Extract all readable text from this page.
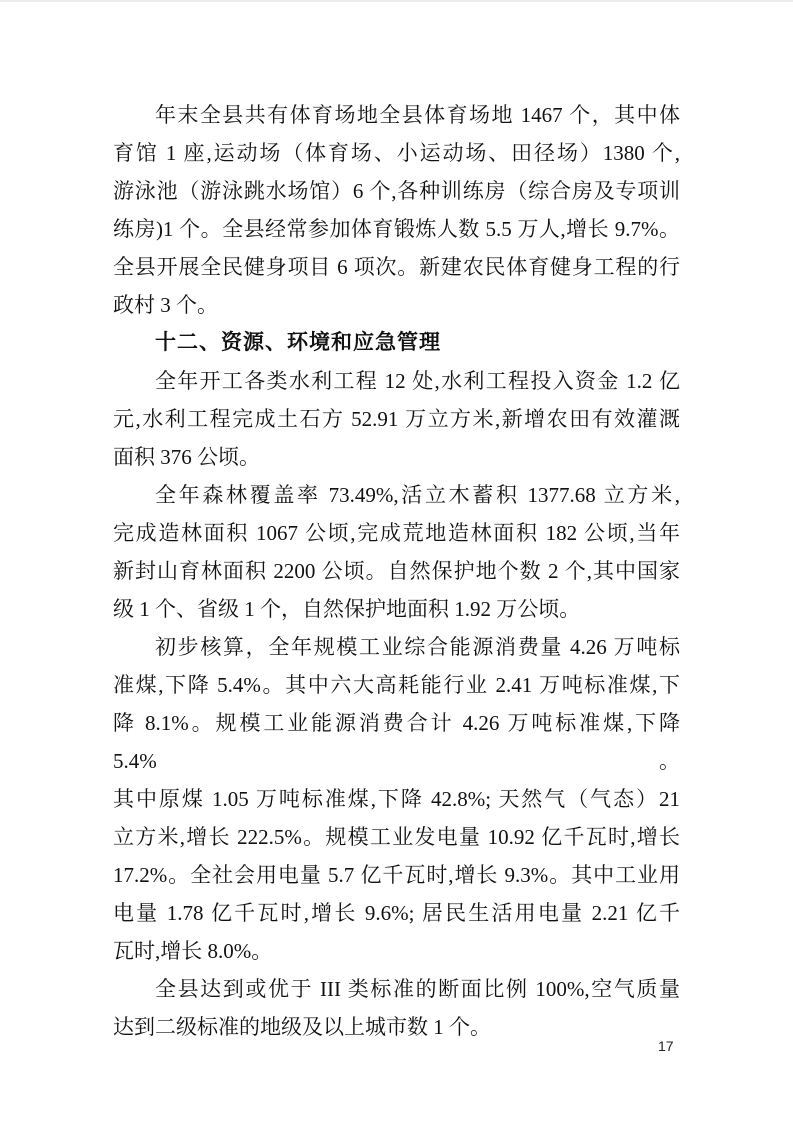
年末全县共有体育场地全县体育场地 1467 个，其中体
育馆 1 座,运动场（体育场、小运动场、田径场）1380 个,
游泳池（游泳跳水场馆）6 个,各种训练房（综合房及专项训
练房)1 个。全县经常参加体育锻炼人数 5.5 万人,增长 9.7%。
全县开展全民健身项目 6 项次。新建农民体育健身工程的行
政村 3 个。
十二、资源、环境和应急管理
全年开工各类水利工程 12 处,水利工程投入资金 1.2 亿
元,水利工程完成土石方 52.91 万立方米,新增农田有效灌溉
面积 376 公顷。
全年森林覆盖率 73.49%,活立木蓄积 1377.68 立方米,
完成造林面积 1067 公顷,完成荒地造林面积 182 公顷,当年
新封山育林面积 2200 公顷。自然保护地个数 2 个,其中国家
级 1 个、省级 1 个，自然保护地面积 1.92 万公顷。
初步核算，全年规模工业综合能源消费量 4.26 万吨标
准煤,下降 5.4%。其中六大高耗能行业 2.41 万吨标准煤,下
降 8.1%。规模工业能源消费合计 4.26 万吨标准煤,下降 5.4%。
其中原煤 1.05 万吨标准煤,下降 42.8%; 天然气（气态）21
立方米,增长 222.5%。规模工业发电量 10.92 亿千瓦时,增长
17.2%。全社会用电量 5.7 亿千瓦时,增长 9.3%。其中工业用
电量 1.78 亿千瓦时,增长 9.6%; 居民生活用电量 2.21 亿千
瓦时,增长 8.0%。
全县达到或优于 III 类标准的断面比例 100%,空气质量
达到二级标准的地级及以上城市数 1 个。
17
